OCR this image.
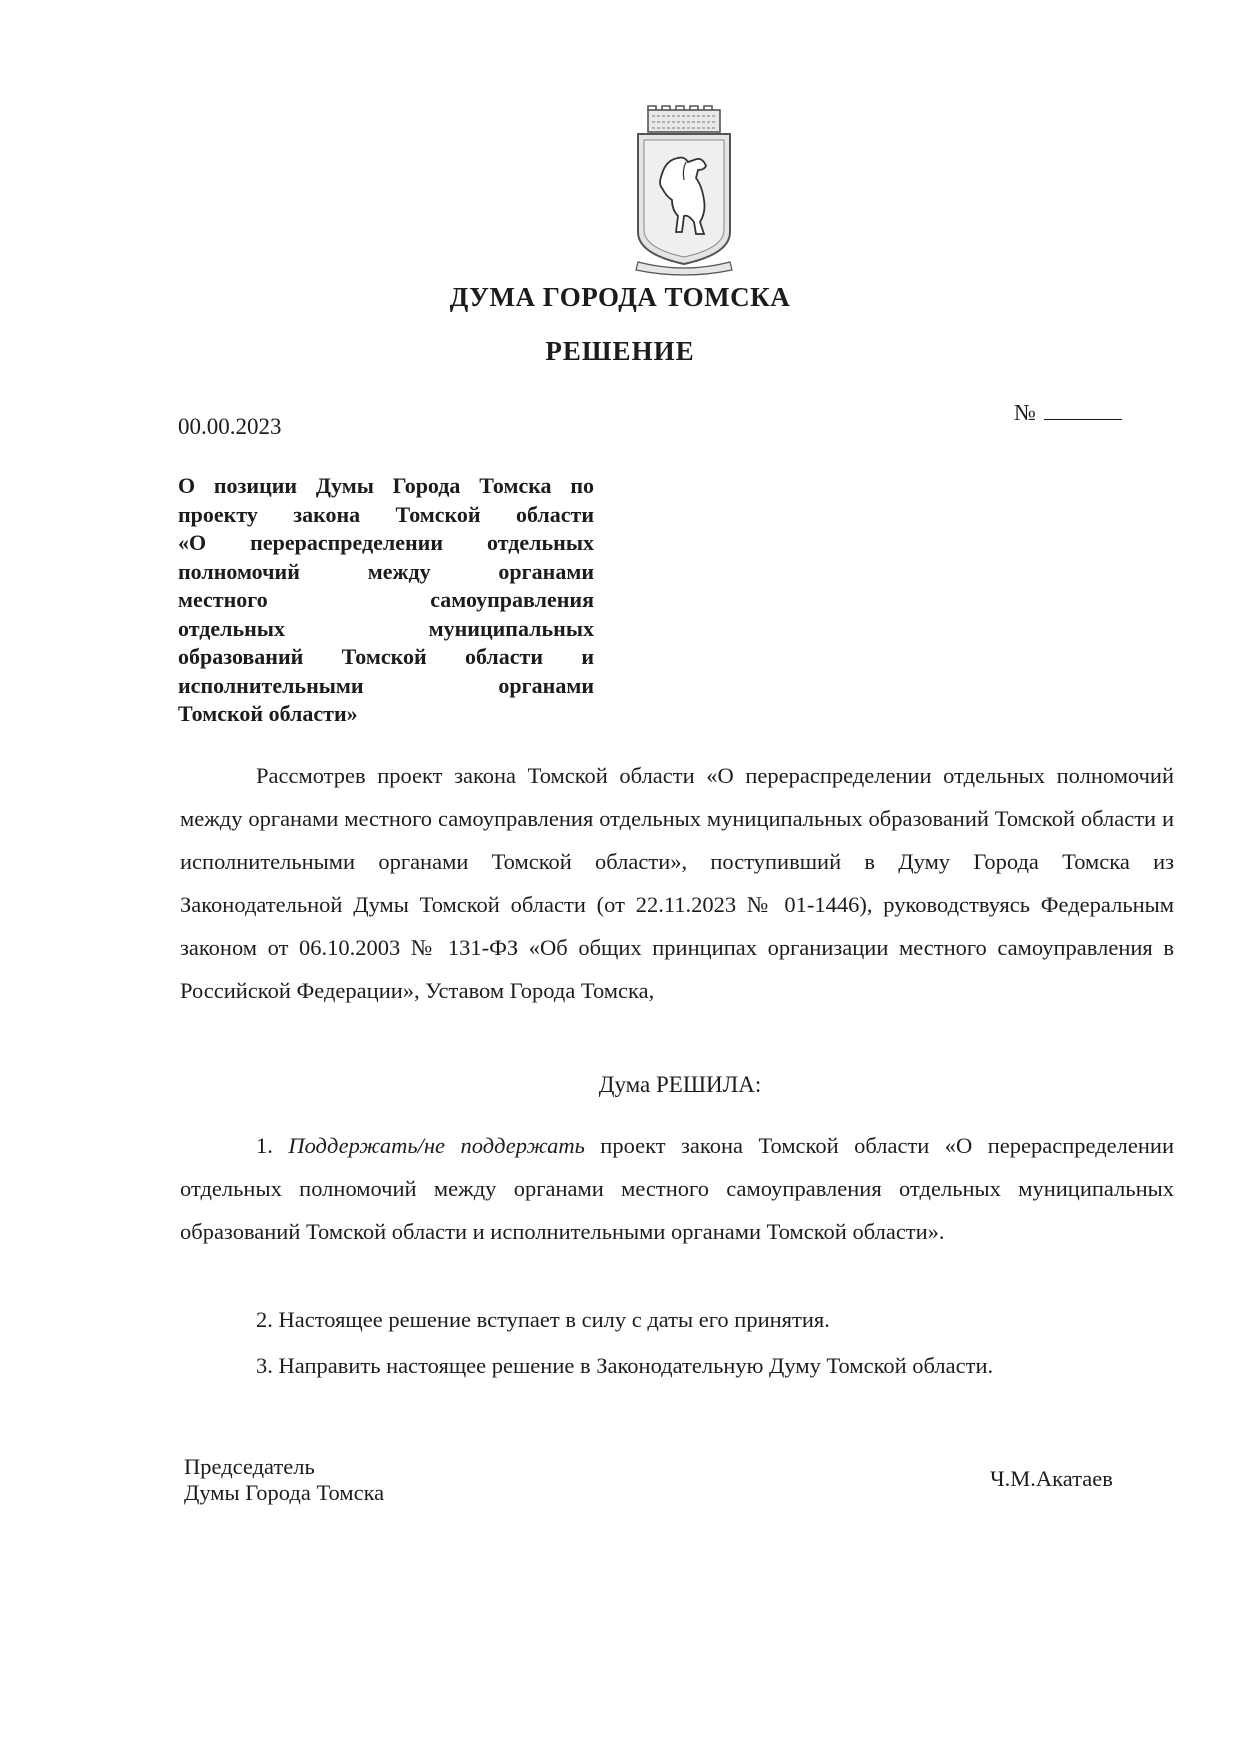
ДУМА ГОРОДА ТОМСКА
РЕШЕНИЕ
00.00.2023
№
О позиции Думы Города Томска по
проекту закона Томской области
«О перераспределении отдельных
полномочий между органами
местного самоуправления
отдельных муниципальных
образований Томской области и
исполнительными органами
Томской области»
Рассмотрев проект закона Томской области «О перераспределении отдельных полномочий между органами местного самоуправления отдельных муниципальных образований Томской области и исполнительными органами Томской области», поступивший в Думу Города Томска из Законодательной Думы Томской области (от 22.11.2023 № 01-1446), руководствуясь Федеральным законом от 06.10.2003 № 131-ФЗ «Об общих принципах организации местного самоуправления в Российской Федерации», Уставом Города Томска,
Дума РЕШИЛА:
1. Поддержать/не поддержать проект закона Томской области «О перераспределении отдельных полномочий между органами местного самоуправления отдельных муниципальных образований Томской области и исполнительными органами Томской области».
2. Настоящее решение вступает в силу с даты его принятия.
3. Направить настоящее решение в Законодательную Думу Томской области.
Председатель
Думы Города Томска
Ч.М.Акатаев
